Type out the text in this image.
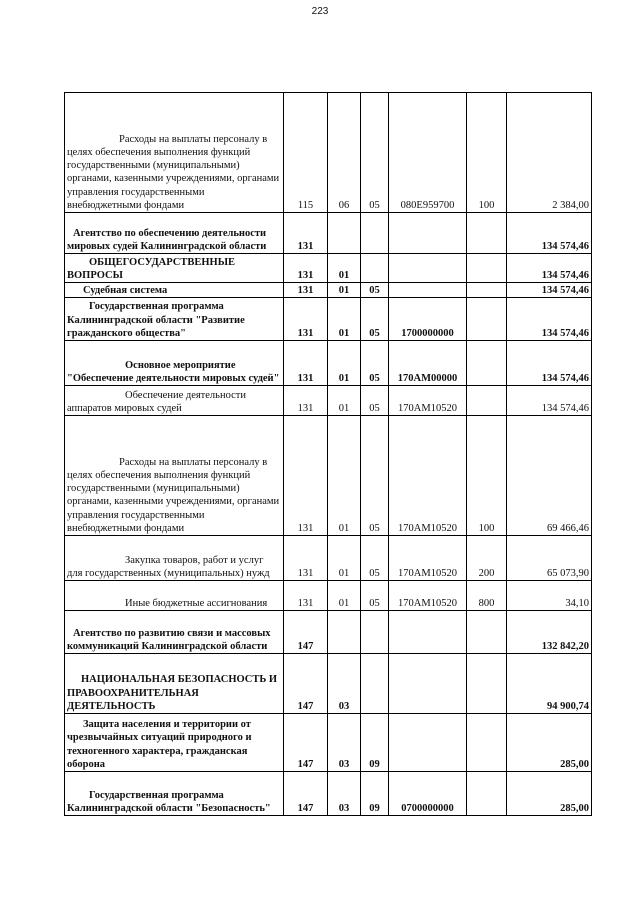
223
Расходы на выплаты персоналу в целях обеспечения выполнения функций государственными (муниципальными) органами, казенными учреждениями, органами управления государственными внебюджетными фондами	115	06	05	080E959700	100	2 384,00
Агентство по обеспечению деятельности мировых судей Калининградской области	131					134 574,46
ОБЩЕГОСУДАРСТВЕННЫЕ ВОПРОСЫ	131	01				134 574,46
Судебная система	131	01	05			134 574,46
Государственная программа Калининградской области "Развитие гражданского общества"	131	01	05	1700000000		134 574,46
Основное мероприятие "Обеспечение деятельности мировых судей"	131	01	05	170АМ00000		134 574,46
Обеспечение деятельности аппаратов мировых судей	131	01	05	170АМ10520		134 574,46
Расходы на выплаты персоналу в целях обеспечения выполнения функций государственными (муниципальными) органами, казенными учреждениями, органами управления государственными внебюджетными фондами	131	01	05	170АМ10520	100	69 466,46
Закупка товаров, работ и услуг для государственных (муниципальных) нужд	131	01	05	170АМ10520	200	65 073,90
Иные бюджетные ассигнования	131	01	05	170АМ10520	800	34,10
Агентство по развитию связи и массовых коммуникаций Калининградской области	147					132 842,20
НАЦИОНАЛЬНАЯ БЕЗОПАСНОСТЬ И ПРАВООХРАНИТЕЛЬНАЯ ДЕЯТЕЛЬНОСТЬ	147	03				94 900,74
Защита населения и территории от чрезвычайных ситуаций природного и техногенного характера, гражданская оборона	147	03	09			285,00
Государственная программа Калининградской области "Безопасность"	147	03	09	0700000000		285,00
